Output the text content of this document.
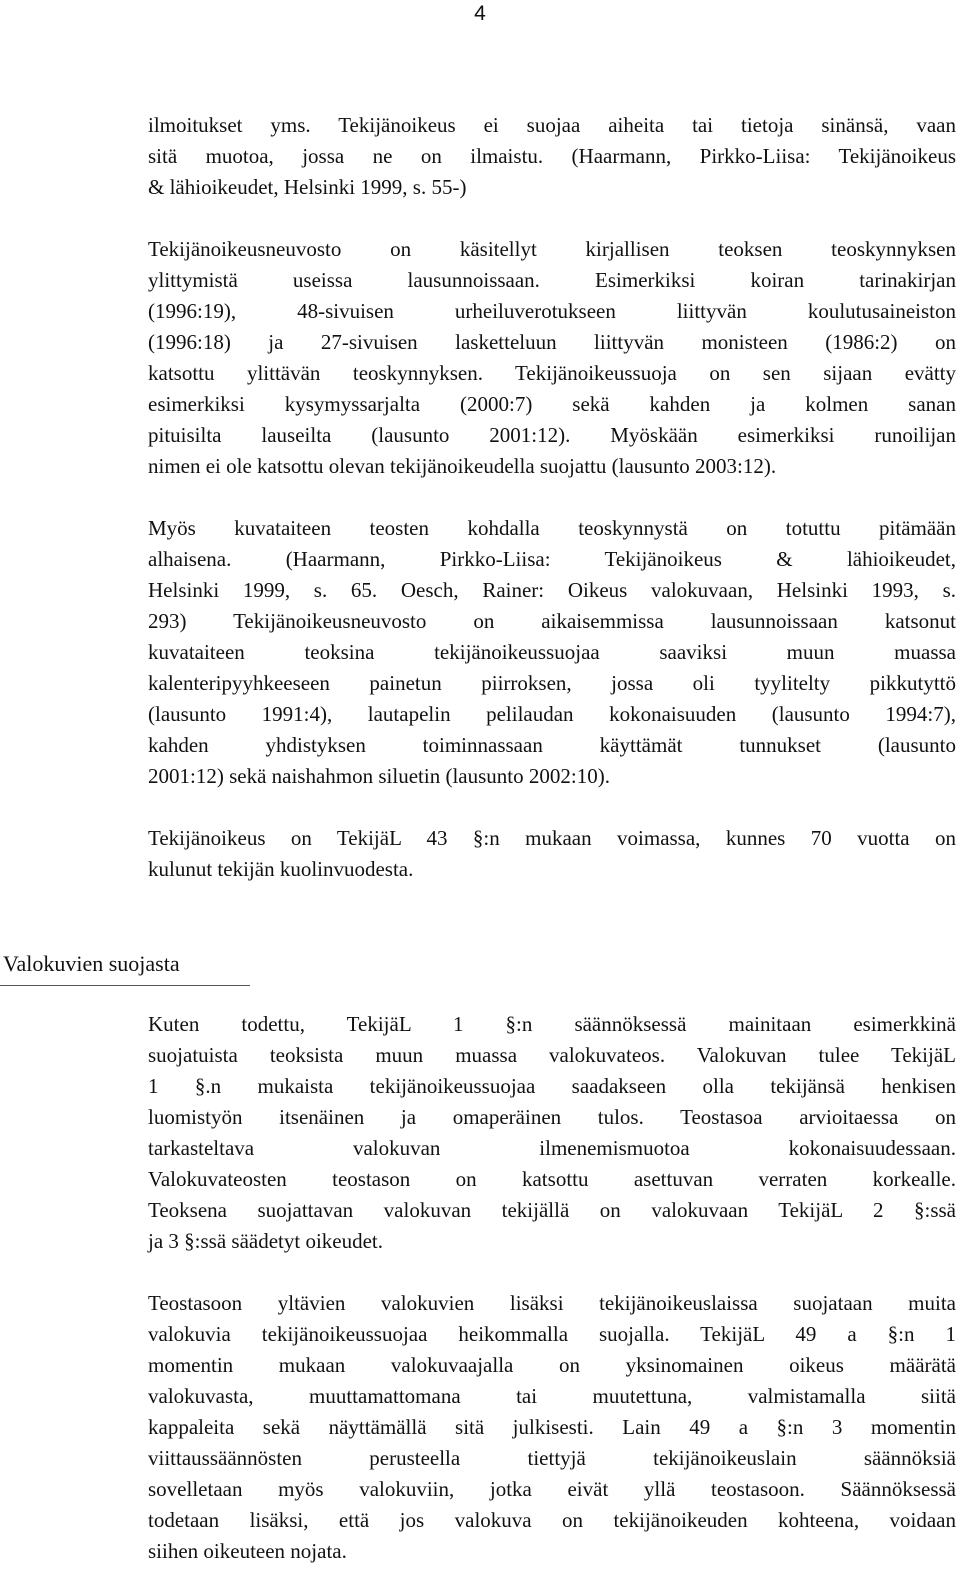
4
ilmoitukset yms. Tekijänoikeus ei suojaa aiheita tai tietoja sinänsä, vaan
sitä muotoa, jossa ne on ilmaistu. (Haarmann, Pirkko-Liisa: Tekijänoikeus
& lähioikeudet, Helsinki 1999, s. 55-)
Tekijänoikeusneuvosto on käsitellyt kirjallisen teoksen teoskynnyksen
ylittymistä useissa lausunnoissaan. Esimerkiksi koiran tarinakirjan
(1996:19), 48-sivuisen urheiluverotukseen liittyvän koulutusaineiston
(1996:18) ja 27-sivuisen lasketteluun liittyvän monisteen (1986:2) on
katsottu ylittävän teoskynnyksen. Tekijänoikeussuoja on sen sijaan evätty
esimerkiksi kysymyssarjalta (2000:7) sekä kahden ja kolmen sanan
pituisilta lauseilta (lausunto 2001:12). Myöskään esimerkiksi runoilijan
nimen ei ole katsottu olevan tekijänoikeudella suojattu (lausunto 2003:12).
Myös kuvataiteen teosten kohdalla teoskynnystä on totuttu pitämään
alhaisena. (Haarmann, Pirkko-Liisa: Tekijänoikeus & lähioikeudet,
Helsinki 1999, s. 65. Oesch, Rainer: Oikeus valokuvaan, Helsinki 1993, s.
293) Tekijänoikeusneuvosto on aikaisemmissa lausunnoissaan katsonut
kuvataiteen teoksina tekijänoikeussuojaa saaviksi muun muassa
kalenteripyyhkeeseen painetun piirroksen, jossa oli tyylitelty pikkutyttö
(lausunto 1991:4), lautapelin pelilaudan kokonaisuuden (lausunto 1994:7),
kahden yhdistyksen toiminnassaan käyttämät tunnukset (lausunto
2001:12) sekä naishahmon siluetin (lausunto 2002:10).
Tekijänoikeus on TekijäL 43 §:n mukaan voimassa, kunnes 70 vuotta on
kulunut tekijän kuolinvuodesta.
Valokuvien suojasta
Kuten todettu, TekijäL 1 §:n säännöksessä mainitaan esimerkkinä
suojatuista teoksista muun muassa valokuvateos. Valokuvan tulee TekijäL
1 §.n mukaista tekijänoikeussuojaa saadakseen olla tekijänsä henkisen
luomistyön itsenäinen ja omaperäinen tulos. Teostasoa arvioitaessa on
tarkasteltava valokuvan ilmenemismuotoa kokonaisuudessaan.
Valokuvateosten teostason on katsottu asettuvan verraten korkealle.
Teoksena suojattavan valokuvan tekijällä on valokuvaan TekijäL 2 §:ssä
ja 3 §:ssä säädetyt oikeudet.
Teostasoon yltävien valokuvien lisäksi tekijänoikeuslaissa suojataan muita
valokuvia tekijänoikeussuojaa heikommalla suojalla. TekijäL 49 a §:n 1
momentin mukaan valokuvaajalla on yksinomainen oikeus määrätä
valokuvasta, muuttamattomana tai muutettuna, valmistamalla siitä
kappaleita sekä näyttämällä sitä julkisesti. Lain 49 a §:n 3 momentin
viittaussäännösten perusteella tiettyjä tekijänoikeuslain säännöksiä
sovelletaan myös valokuviin, jotka eivät yllä teostasoon. Säännöksessä
todetaan lisäksi, että jos valokuva on tekijänoikeuden kohteena, voidaan
siihen oikeuteen nojata.
